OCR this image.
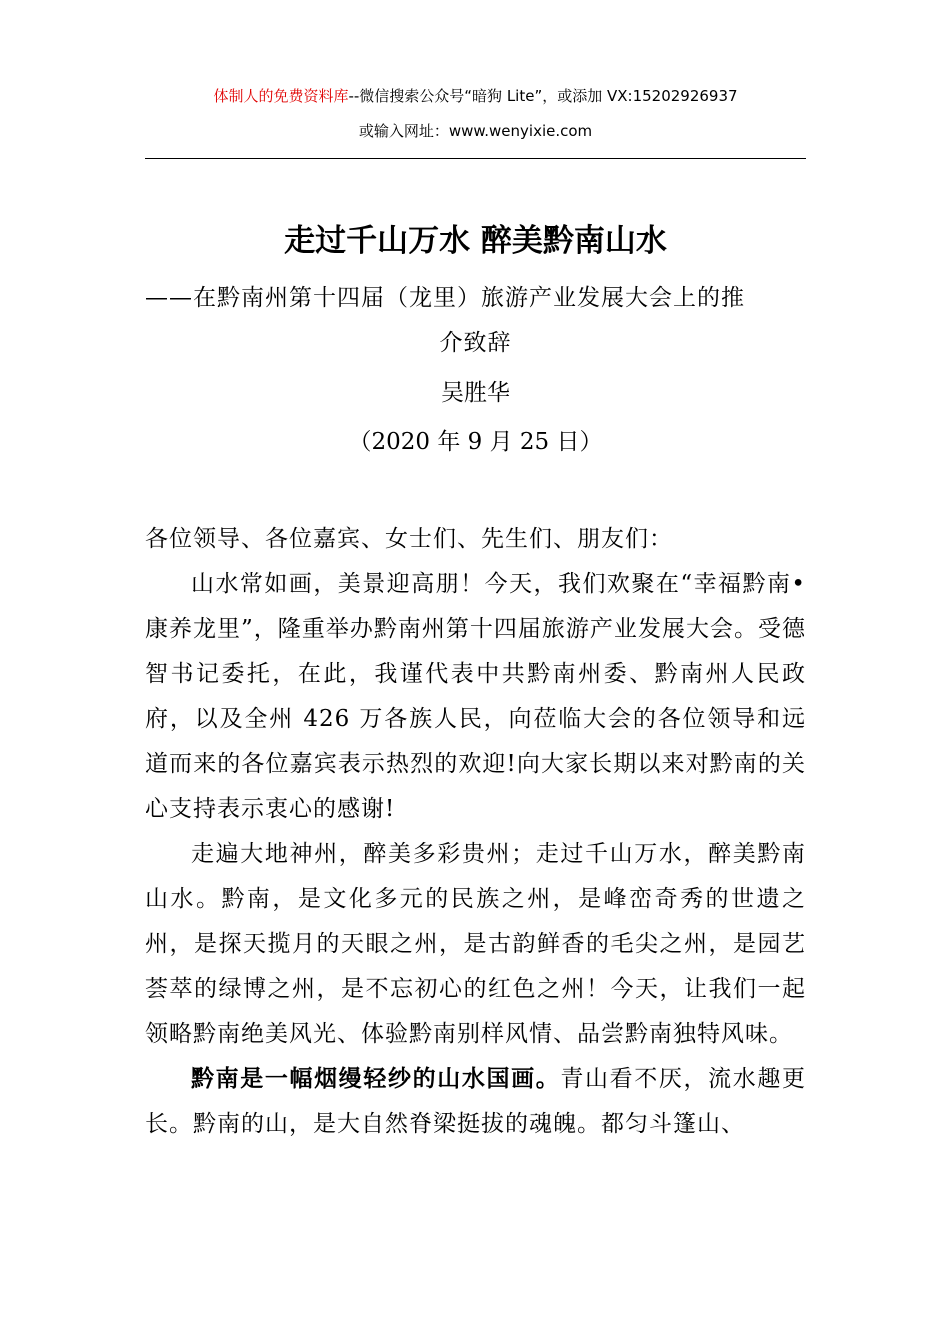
体制人的免费资料库--微信搜索公众号“暗狗 Lite”，或添加 VX:15202926937
或输入网址：www.wenyixie.com
走过千山万水 醉美黔南山水
——在黔南州第十四届（龙里）旅游产业发展大会上的推
介致辞
吴胜华
（2020 年 9 月 25 日）

各位领导、各位嘉宾、女士们、先生们、朋友们：

山水常如画，美景迎高朋！今天，我们欢聚在“幸福黔南•康养龙里”，隆重举办黔南州第十四届旅游产业发展大会。受德智书记委托，在此，我谨代表中共黔南州委、黔南州人民政府，以及全州 426 万各族人民，向莅临大会的各位领导和远道而来的各位嘉宾表示热烈的欢迎!向大家长期以来对黔南的关心支持表示衷心的感谢!

走遍大地神州，醉美多彩贵州；走过千山万水，醉美黔南山水。黔南，是文化多元的民族之州，是峰峦奇秀的世遗之州，是探天揽月的天眼之州，是古韵鲜香的毛尖之州，是园艺荟萃的绿博之州，是不忘初心的红色之州！今天，让我们一起领略黔南绝美风光、体验黔南别样风情、品尝黔南独特风味。

黔南是一幅烟缦轻纱的山水国画。青山看不厌，流水趣更长。黔南的山，是大自然脊梁挺拔的魂魄。都匀斗篷山、
